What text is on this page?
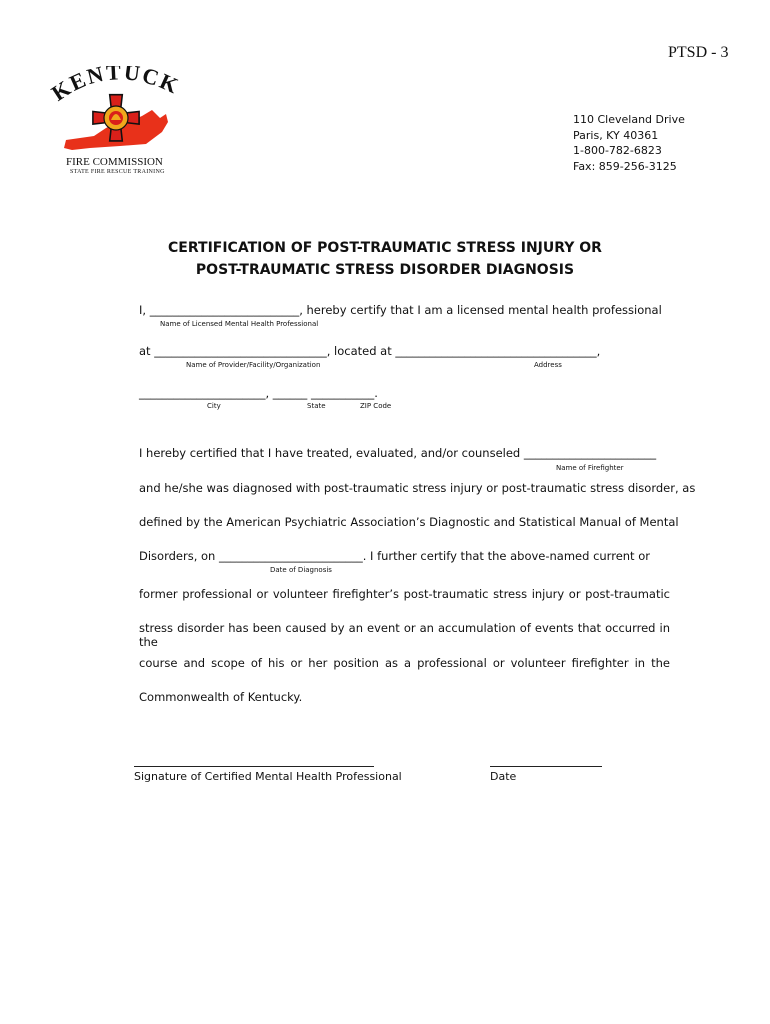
PTSD - 3
ENTUCK
FIRE COMMISSION
STATE FIRE RESCUE TRAINING
110 Cleveland Drive
Paris, KY 40361
1-800-782-6823
Fax: 859-256-3125
CERTIFICATION OF POST-TRAUMATIC STRESS INJURY OR
POST-TRAUMATIC STRESS DISORDER DIAGNOSIS
I, __________________________, hereby certify that I am a licensed mental health professional
Name of Licensed Mental Health Professional
at ______________________________, located at ___________________________________,
Name of Provider/Facility/Organization	Address
______________________, ______ ___________.
City	State	ZIP Code
I hereby certified that I have treated, evaluated, and/or counseled _______________________
Name of Firefighter
and he/she was diagnosed with post-traumatic stress injury or post-traumatic stress disorder, as
defined by the American Psychiatric Association’s Diagnostic and Statistical Manual of Mental
Disorders, on _________________________. I further certify that the above-named current or
Date of Diagnosis
former professional or volunteer firefighter’s post-traumatic stress injury or post-traumatic
stress disorder has been caused by an event or an accumulation of events that occurred in the
course and scope of his or her position as a professional or volunteer firefighter in the
Commonwealth of Kentucky.
Signature of Certified Mental Health Professional	Date
